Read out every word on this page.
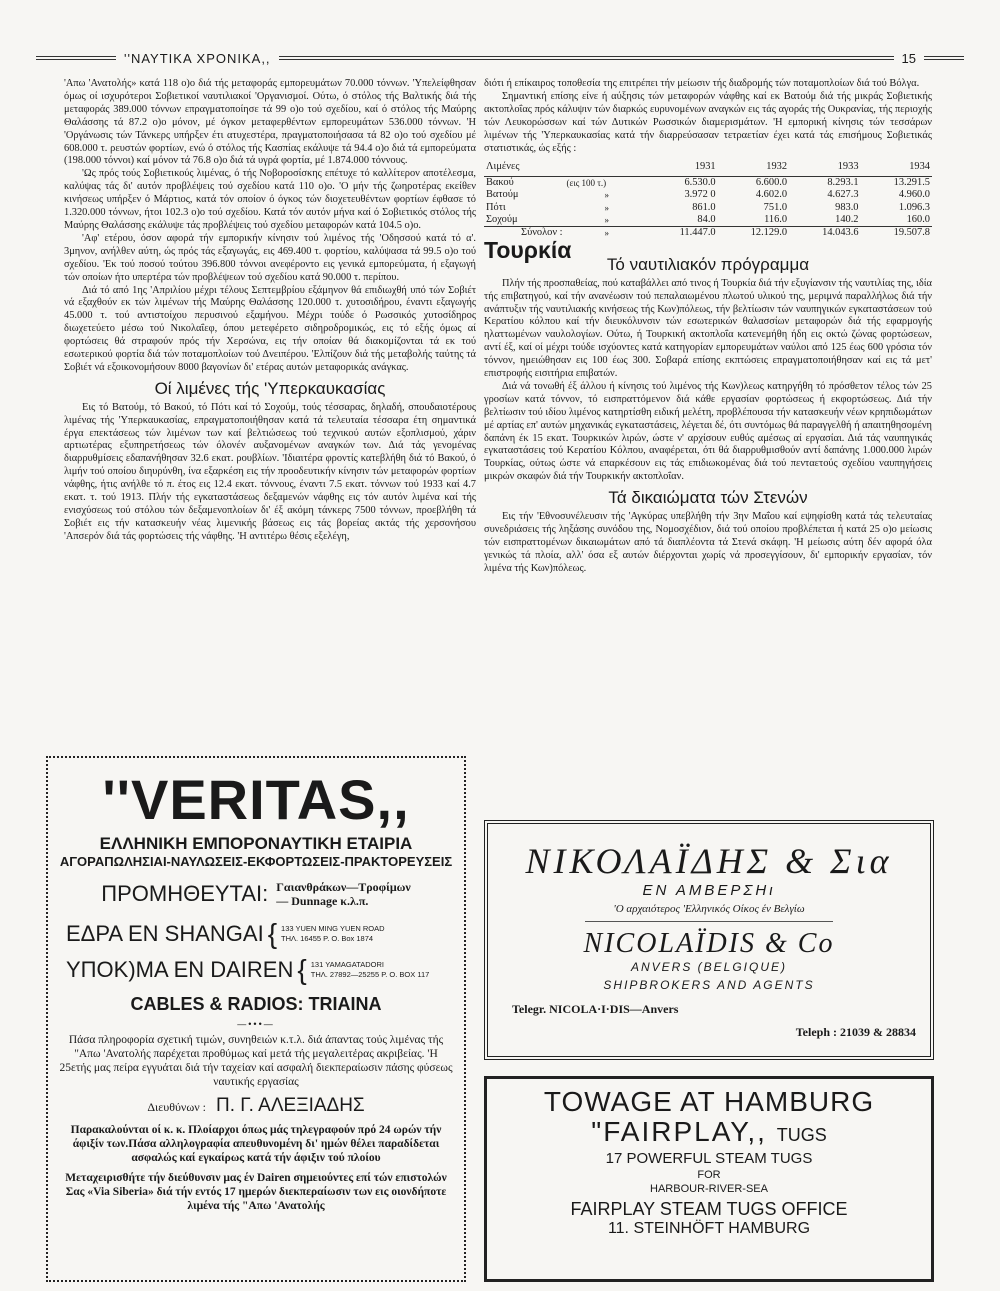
''ΝΑΥΤΙΚΑ ΧΡΟΝΙΚΑ,,	15

'Απω 'Ανατολής» κατά 118 ο)ο διά τής μεταφοράς εμπορευμάτων 70.000 τόννων. 'Υπελείφθησαν όμως οί ισχυρότεροι Σοβιετικοί ναυτιλιακοί 'Οργανισμοί. Ούτω, ό στόλος τής Βαλτικής διά τής μεταφοράς 389.000 τόννων επραγματοποίησε τά 99 ο)ο τού σχεδίου, καί ό στόλος τής Μαύρης Θαλάσσης τά 87.2 ο)ο μόνον, μέ όγκον μεταφερθέντων εμπορευμάτων 536.000 τόννων. 'Η 'Οργάνωσις τών Τάνκερς υπήρξεν έτι ατυχεστέρα, πραγματοποιήσασα τά 82 ο)ο τού σχεδίου μέ 608.000 τ. ρευστών φορτίων, ενώ ό στόλος τής Κασπίας εκάλυψε τά 94.4 ο)ο διά τά εμπορεύματα (198.000 τόννοι) καί μόνον τά 76.8 ο)ο διά τά υγρά φορτία, μέ 1.874.000 τόννους.

'Ως πρός τούς Σοβιετικούς λιμένας, ό τής Νοβοροσίσκης επέτυχε τό καλλίτερον αποτέλεσμα, καλύψας τάς δι' αυτόν προβλέψεις τού σχεδίου κατά 110 ο)ο. 'Ο μήν τής ζωηροτέρας εκείθεν κινήσεως υπήρξεν ό Μάρτιος, κατά τόν οποίον ό όγκος τών διοχετευθέντων φορτίων έφθασε τό 1.320.000 τόννων, ήτοι 102.3 ο)ο τού σχεδίου. Κατά τόν αυτόν μήνα καί ό Σοβιετικός στόλος τής Μαύρης Θαλάσσης εκάλυψε τάς προβλέψεις τού σχεδίου μεταφορών κατά 104.5 ο)ο.

'Αφ' ετέρου, όσον αφορά τήν εμπορικήν κίνησιν τού λιμένος τής 'Οδησσού κατά τό α'. 3μηνον, ανήλθεν αύτη, ώς πρός τάς εξαγωγάς, εις 469.400 τ. φορτίου, καλύψασα τά 99.5 ο)ο τού σχεδίου. 'Εκ τού ποσού τούτου 396.800 τόννοι ανεφέροντο εις γενικά εμπορεύματα, ή εξαγωγή τών οποίων ήτο υπερτέρα τών προβλέψεων τού σχεδίου κατά 90.000 τ. περίπου.

Διά τό από 1ης 'Απριλίου μέχρι τέλους Σεπτεμβρίου εξάμηνον θά επιδιωχθή υπό τών Σοβιέτ νά εξαχθούν εκ τών λιμένων τής Μαύρης Θαλάσσης 120.000 τ. χυτοσιδήρου, έναντι εξαγωγής 45.000 τ. τού αντιστοίχου περυσινού εξαμήνου. Μέχρι τούδε ό Ρωσσικός χυτοσίδηρος διωχετεύετο μέσω τού Νικολαΐεφ, όπου μετεφέρετο σιδηροδρομικώς, εις τό εξής όμως αί φορτώσεις θά στραφούν πρός τήν Χερσώνα, εις τήν οποίαν θά διακομίζονται τά εκ τού εσωτερικού φορτία διά τών ποταμοπλοίων τού Δνειπέρου. 'Ελπίζουν διά τής μεταβολής ταύτης τά Σοβιέτ νά εξοικονομήσουν 8000 βαγονίων δι' ετέρας αυτών μεταφορικάς ανάγκας.

Οί λιμένες τής 'Υπερκαυκασίας

Εις τό Βατούμ, τό Βακού, τό Πότι καί τό Σοχούμ, τούς τέσσαρας, δηλαδή, σπουδαιοτέρους λιμένας τής 'Υπερκαυκασίας, επραγματοποιήθησαν κατά τά τελευταία τέσσαρα έτη σημαντικά έργα επεκτάσεως τών λιμένων των καί βελτιώσεως τού τεχνικού αυτών εξοπλισμού, χάριν αρτιωτέρας εξυπηρετήσεως τών όλονέν αυξανομένων αναγκών των. Διά τάς γενομένας διαρρυθμίσεις εδαπανήθησαν 32.6 εκατ. ρουβλίων. 'Ιδιαιτέρα φροντίς κατεβλήθη διά τό Βακού, ό λιμήν τού οποίου διηυρύνθη, ίνα εξαρκέση εις τήν προοδευτικήν κίνησιν τών μεταφορών φορτίων νάφθης, ήτις ανήλθε τό π. έτος εις 12.4 εκατ. τόννους, έναντι 7.5 εκατ. τόννων τού 1933 καί 4.7 εκατ. τ. τού 1913. Πλήν τής εγκαταστάσεως δεξαμενών νάφθης εις τόν αυτόν λιμένα καί τής ενισχύσεως τού στόλου τών δεξαμενοπλοίων δι' έξ ακόμη τάνκερς 7500 τόννων, προεβλήθη τά Σοβιέτ εις τήν κατασκευήν νέας λιμενικής βάσεως εις τάς βορείας ακτάς τής χερσονήσου 'Απσερόν διά τάς φορτώσεις τής νάφθης. 'Η αντιτέρω θέσις εξελέγη,

διότι ή επίκαιρος τοποθεσία της επιτρέπει τήν μείωσιν τής διαδρομής τών ποταμοπλοίων διά τού Βόλγα.

Σημαντική επίσης είνε ή αύξησις τών μεταφορών νάφθης καί εκ Βατούμ διά τής μικράς Σοβιετικής ακτοπλοΐας πρός κάλυψιν τών διαρκώς ευρυνομένων αναγκών εις τάς αγοράς τής Ουκρανίας, τής περιοχής τών Λευκορώσσων καί τών Δυτικών Ρωσσικών διαμερισμάτων. 'Η εμπορική κίνησις τών τεσσάρων λιμένων τής 'Υπερκαυκασίας κατά τήν διαρρεύσασαν τετραετίαν έχει κατά τάς επισήμους Σοβιετικάς στατιστικάς, ώς εξής :

Λιμένες		1931	1932	1933	1934
Βακού	(εις 100 τ.)	6.530.0	6.600.0	8.293.1	13.291.5
Βατούμ	»	3.972 0	4.602.0	4.627.3	4.960.0
Πότι	»	861.0	751.0	983.0	1.096.3
Σοχούμ	»	84.0	116.0	140.2	160.0
Σύνολον :	»	11.447.0	12.129.0	14.043.6	19.507.8
Τουρκία
Τό ναυτιλιακόν πρόγραμμα

Πλήν τής προσπαθείας, πού καταβάλλει από τινος ή Τουρκία διά τήν εξυγίανσιν τής ναυτιλίας της, ιδία τής επιβατηγού, καί τήν ανανέωσιν τού πεπαλαιωμένου πλωτού υλικού της, μεριμνά παραλλήλως διά τήν ανάπτυξιν τής ναυτιλιακής κινήσεως τής Κων)πόλεως, τήν βελτίωσιν τών ναυπηγικών εγκαταστάσεων τού Κερατίου κόλπου καί τήν διευκόλυνσιν τών εσωτερικών θαλασσίων μεταφορών διά τής εφαρμογής ηλαττωμένων ναυλολογίων. Ούτω, ή Τουρκική ακτοπλοΐα κατενεμήθη ήδη εις οκτώ ζώνας φορτώσεων, αντί έξ, καί οί μέχρι τούδε ισχύοντες κατά κατηγορίαν εμπορευμάτων ναύλοι από 125 έως 600 γρόσια τόν τόννον, ημειώθησαν εις 100 έως 300. Σοβαρά επίσης εκπτώσεις επραγματοποιήθησαν καί εις τά μετ' επιστροφής εισιτήρια επιβατών.

Διά νά τονωθή έξ άλλου ή κίνησις τού λιμένος τής Κων)λεως κατηργήθη τό πρόσθετον τέλος τών 25 γροσίων κατά τόννον, τό εισπραττόμενον διά κάθε εργασίαν φορτώσεως ή εκφορτώσεως. Διά τήν βελτίωσιν τού ιδίου λιμένος κατηρτίσθη ειδική μελέτη, προβλέπουσα τήν κατασκευήν νέων κρηπιδωμάτων μέ αρτίας επ' αυτών μηχανικάς εγκαταστάσεις, λέγεται δέ, ότι συντόμως θά παραγγελθή ή απαιτηθησομένη δαπάνη έκ 15 εκατ. Τουρκικών λιρών, ώστε ν' αρχίσουν ευθύς αμέσως αί εργασίαι. Διά τάς ναυπηγικάς εγκαταστάσεις τού Κερατίου Κόλπου, αναφέρεται, ότι θά διαρρυθμισθούν αντί δαπάνης 1.000.000 λιρών Τουρκίας, ούτως ώστε νά επαρκέσουν εις τάς επιδιωκομένας διά τού πενταετούς σχεδίου ναυπηγήσεις μικρών σκαφών διά τήν Τουρκικήν ακτοπλοΐαν.

Τά δικαιώματα τών Στενών

Εις τήν 'Εθνοσυνέλευσιν τής 'Αγκύρας υπεβλήθη τήν 3ην Μαΐου καί εψηφίσθη κατά τάς τελευταίας συνεδριάσεις τής ληξάσης συνόδου της, Νομοσχέδιον, διά τού οποίου προβλέπεται ή κατά 25 ο)ο μείωσις τών εισπραττομένων δικαιωμάτων από τά διαπλέοντα τά Στενά σκάφη. 'Η μείωσις αύτη δέν αφορά όλα γενικώς τά πλοία, αλλ' όσα εξ αυτών διέρχονται χωρίς νά προσεγγίσουν, δι' εμπορικήν εργασίαν, τόν λιμένα τής Κων)πόλεως.

''VERITAS,,
ΕΛΛΗΝΙΚΗ ΕΜΠΟΡΟΝΑΥΤΙΚΗ ΕΤΑΙΡΙΑ
ΑΓΟΡΑΠΩΛΗΣΙΑΙ-ΝΑΥΛΩΣΕΙΣ-ΕΚΦΟΡΤΩΣΕΙΣ-ΠΡΑΚΤΟΡΕΥΣΕΙΣ
ΠΡΟΜΗΘΕΥΤΑΙ: Γαιανθράκων—Τροφίμων
— Dunnage κ.λ.π.
ΕΔΡΑ EN SHANGAI { 133 YUEN MING YUEN ROAD
ΤΗΛ. 16455 P. O. Box 1874
ΥΠΟΚ)ΜΑ EN DAIREN { 131 YAMAGATADORI
ΤΗΛ. 27892—25255 P. O. BOX 117
CABLES & RADIOS: TRIAINA
—•••—
Πάσα πληροφορία σχετική τιμών, συνηθειών κ.τ.λ. διά άπαντας τούς λιμένας τής "Απω 'Ανατολής παρέχεται προθύμως καί μετά τής μεγαλειτέρας ακριβείας. 'Η 25ετής μας πείρα εγγυάται διά τήν ταχείαν καί ασφαλή διεκπεραίωσιν πάσης φύσεως ναυτικής εργασίας
Διευθύνων : Π. Γ. ΑΛΕΞΙΑΔΗΣ
Παρακαλούνται οί κ. κ. Πλοίαρχοι όπως μάς τηλεγραφούν πρό 24 ωρών τήν άφιξίν των.Πάσα αλληλογραφία απευθυνομένη δι' ημών θέλει παραδίδεται ασφαλώς καί εγκαίρως κατά τήν άφιξιν τού πλοίου
Μεταχειρισθήτε τήν διεύθυνσιν μας έν Dairen σημειούντες επί τών επιστολών Σας «Via Siberia» διά τήν εντός 17 ημερών διεκπεραίωσιν των εις οιονδήποτε λιμένα τής "Απω 'Ανατολής
ΝΙΚΟΛΑΪΔΗΣ & Σια
ΕΝ ΑΜΒΕΡΣΗι
'Ο αρχαιότερος 'Ελληνικός Οίκος έν Βελγίω
NICOLAÏDIS & Co
ANVERS (BELGIQUE)
SHIPBROKERS AND AGENTS
Telegr. NICOLA·I·DIS—Anvers
Teleph : 21039 & 28834
TOWAGE AT HAMBURG
"FAIRPLAY,, TUGS
17 POWERFUL STEAM TUGS
FOR
HARBOUR-RIVER-SEA
FAIRPLAY STEAM TUGS OFFICE
11. STEINHÖFT HAMBURG
